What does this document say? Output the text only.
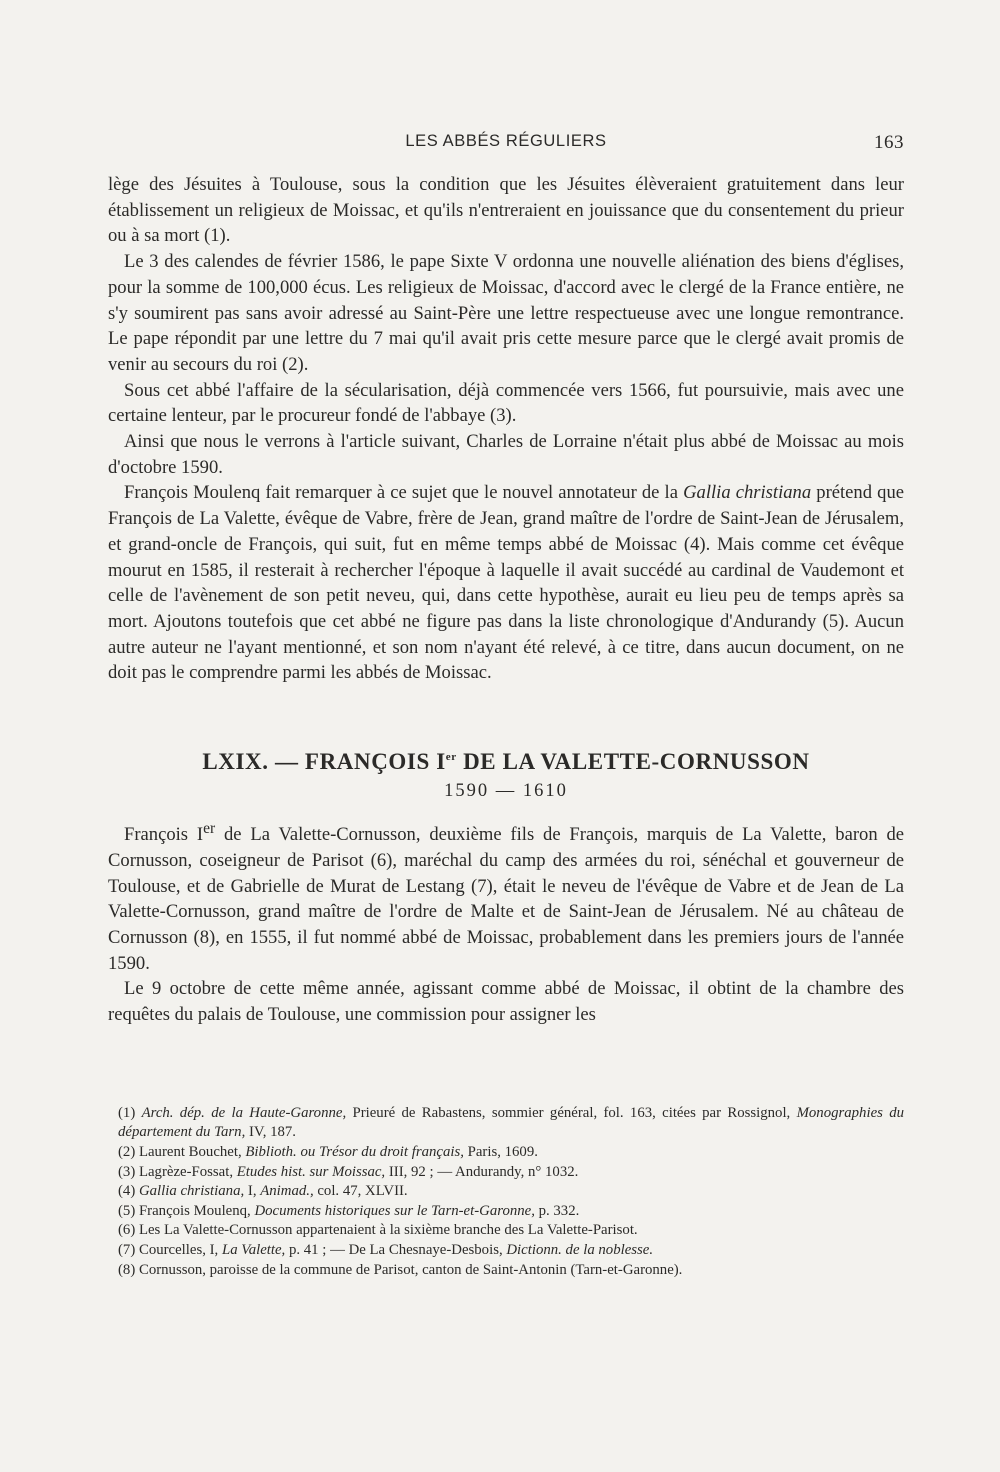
LES ABBÉS RÉGULIERS	163

lège des Jésuites à Toulouse, sous la condition que les Jésuites élèveraient gratuitement dans leur établissement un religieux de Moissac, et qu'ils n'entreraient en jouissance que du consentement du prieur ou à sa mort (1).

Le 3 des calendes de février 1586, le pape Sixte V ordonna une nouvelle aliénation des biens d'églises, pour la somme de 100,000 écus. Les religieux de Moissac, d'accord avec le clergé de la France entière, ne s'y soumirent pas sans avoir adressé au Saint-Père une lettre respectueuse avec une longue remontrance. Le pape répondit par une lettre du 7 mai qu'il avait pris cette mesure parce que le clergé avait promis de venir au secours du roi (2).

Sous cet abbé l'affaire de la sécularisation, déjà commencée vers 1566, fut poursuivie, mais avec une certaine lenteur, par le procureur fondé de l'abbaye (3).

Ainsi que nous le verrons à l'article suivant, Charles de Lorraine n'était plus abbé de Moissac au mois d'octobre 1590.

François Moulenq fait remarquer à ce sujet que le nouvel annotateur de la Gallia christiana prétend que François de La Valette, évêque de Vabre, frère de Jean, grand maître de l'ordre de Saint-Jean de Jérusalem, et grand-oncle de François, qui suit, fut en même temps abbé de Moissac (4). Mais comme cet évêque mourut en 1585, il resterait à rechercher l'époque à laquelle il avait succédé au cardinal de Vaudemont et celle de l'avènement de son petit neveu, qui, dans cette hypothèse, aurait eu lieu peu de temps après sa mort. Ajoutons toutefois que cet abbé ne figure pas dans la liste chronologique d'Andurandy (5). Aucun autre auteur ne l'ayant mentionné, et son nom n'ayant été relevé, à ce titre, dans aucun document, on ne doit pas le comprendre parmi les abbés de Moissac.

LXIX. — FRANÇOIS Ier DE LA VALETTE-CORNUSSON
1590 — 1610

François Ier de La Valette-Cornusson, deuxième fils de François, marquis de La Valette, baron de Cornusson, coseigneur de Parisot (6), maréchal du camp des armées du roi, sénéchal et gouverneur de Toulouse, et de Gabrielle de Murat de Lestang (7), était le neveu de l'évêque de Vabre et de Jean de La Valette-Cornusson, grand maître de l'ordre de Malte et de Saint-Jean de Jérusalem. Né au château de Cornusson (8), en 1555, il fut nommé abbé de Moissac, probablement dans les premiers jours de l'année 1590.

Le 9 octobre de cette même année, agissant comme abbé de Moissac, il obtint de la chambre des requêtes du palais de Toulouse, une commission pour assigner les

(1) Arch. dép. de la Haute-Garonne, Prieuré de Rabastens, sommier général, fol. 163, citées par Rossignol, Monographies du département du Tarn, IV, 187.

(2) Laurent Bouchet, Biblioth. ou Trésor du droit français, Paris, 1609.

(3) Lagrèze-Fossat, Etudes hist. sur Moissac, III, 92 ; — Andurandy, n° 1032.

(4) Gallia christiana, I, Animad., col. 47, XLVII.

(5) François Moulenq, Documents historiques sur le Tarn-et-Garonne, p. 332.

(6) Les La Valette-Cornusson appartenaient à la sixième branche des La Valette-Parisot.

(7) Courcelles, I, La Valette, p. 41 ; — De La Chesnaye-Desbois, Dictionn. de la noblesse.

(8) Cornusson, paroisse de la commune de Parisot, canton de Saint-Antonin (Tarn-et-Garonne).
